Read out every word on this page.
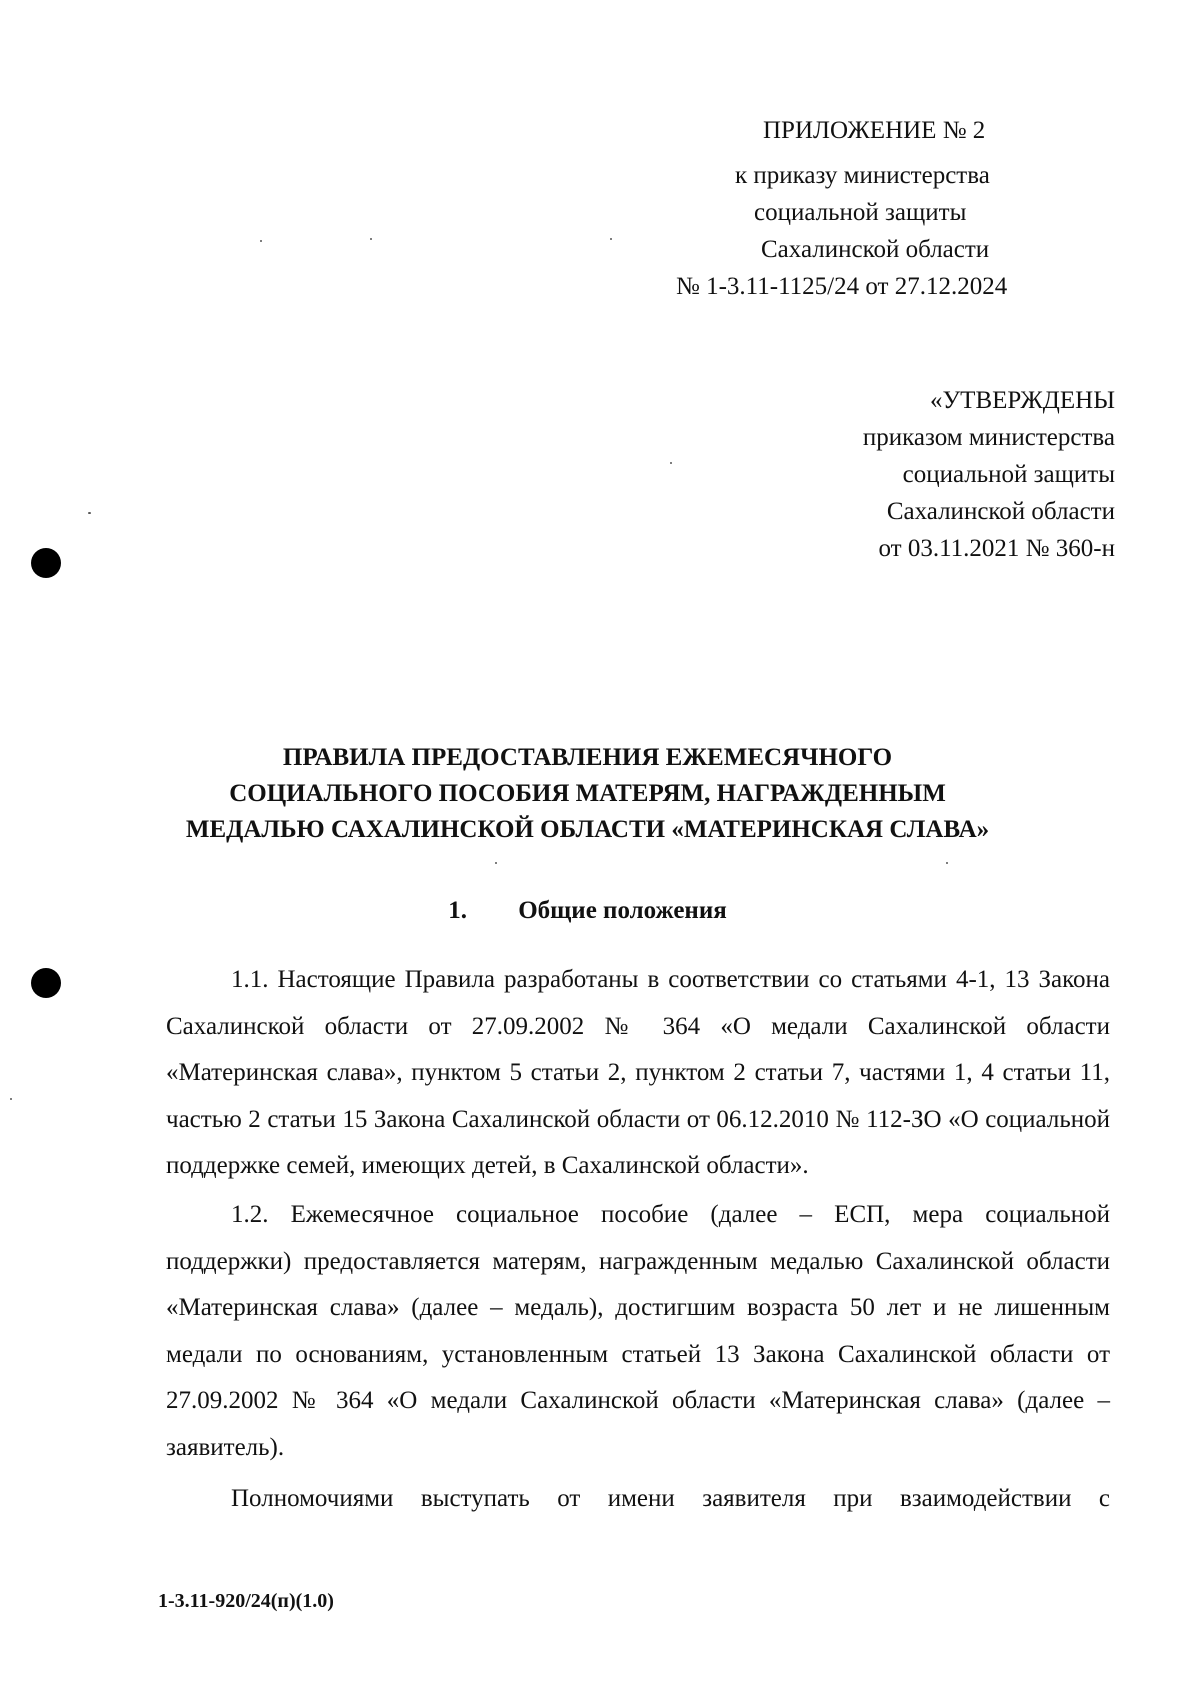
ПРИЛОЖЕНИЕ № 2
к приказу министерства
социальной защиты
Сахалинской области
№ 1-3.11-1125/24 от 27.12.2024
«УТВЕРЖДЕНЫ
приказом министерства
социальной защиты
Сахалинской области
от 03.11.2021 № 360-н
ПРАВИЛА ПРЕДОСТАВЛЕНИЯ ЕЖЕМЕСЯЧНОГО
СОЦИАЛЬНОГО ПОСОБИЯ МАТЕРЯМ, НАГРАЖДЕННЫМ
МЕДАЛЬЮ САХАЛИНСКОЙ ОБЛАСТИ «МАТЕРИНСКАЯ СЛАВА»
1. Общие положения

1.1. Настоящие Правила разработаны в соответствии со статьями 4-1, 13 Закона Сахалинской области от 27.09.2002 № 364 «О медали Сахалинской области «Материнская слава», пунктом 5 статьи 2, пунктом 2 статьи 7, частями 1, 4 статьи 11, частью 2 статьи 15 Закона Сахалинской области от 06.12.2010 № 112-ЗО «О социальной поддержке семей, имеющих детей, в Сахалинской области».

1.2. Ежемесячное социальное пособие (далее – ЕСП, мера социальной поддержки) предоставляется матерям, награжденным медалью Сахалинской области «Материнская слава» (далее – медаль), достигшим возраста 50 лет и не лишенным медали по основаниям, установленным статьей 13 Закона Сахалинской области от 27.09.2002 № 364 «О медали Сахалинской области «Материнская слава» (далее – заявитель).

Полномочиями выступать от имени заявителя при взаимодействии с

1-3.11-920/24(п)(1.0)
